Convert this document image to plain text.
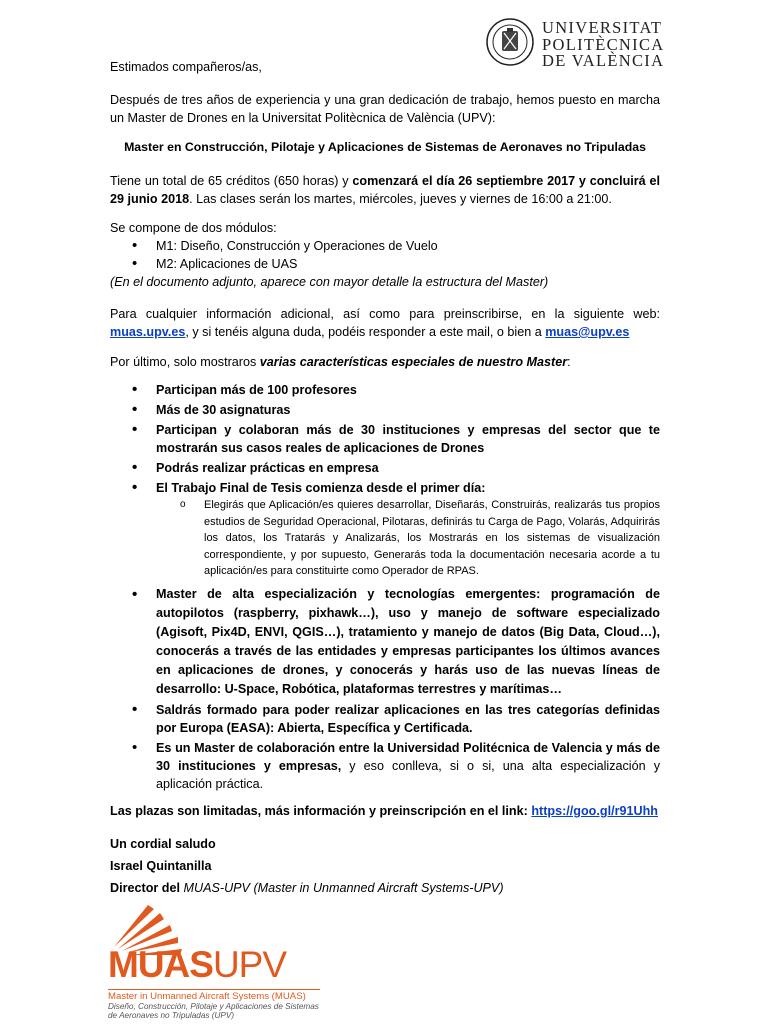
UNIVERSITAT
POLITÈCNICA
DE VALÈNCIA
Estimados compañeros/as,
Después de tres años de experiencia y una gran dedicación de trabajo, hemos puesto en marcha un Master de Drones en la Universitat Politècnica de València (UPV):
Master en Construcción, Pilotaje y Aplicaciones de Sistemas de Aeronaves no Tripuladas
Tiene un total de 65 créditos (650 horas) y comenzará el día 26 septiembre 2017 y concluirá el 29 junio 2018. Las clases serán los martes, miércoles, jueves y viernes de 16:00 a 21:00.
Se compone de dos módulos:
• M1: Diseño, Construcción y Operaciones de Vuelo
• M2: Aplicaciones de UAS
(En el documento adjunto, aparece con mayor detalle la estructura del Master)
Para cualquier información adicional, así como para preinscribirse, en la siguiente web: muas.upv.es, y si tenéis alguna duda, podéis responder a este mail, o bien a muas@upv.es
Por último, solo mostraros varias características especiales de nuestro Master:
• Participan más de 100 profesores
• Más de 30 asignaturas
• Participan y colaboran más de 30 instituciones y empresas del sector que te mostrarán sus casos reales de aplicaciones de Drones
• Podrás realizar prácticas en empresa
• El Trabajo Final de Tesis comienza desde el primer día:
o Elegirás que Aplicación/es quieres desarrollar, Diseñarás, Construirás, realizarás tus propios estudios de Seguridad Operacional, Pilotaras, definirás tu Carga de Pago, Volarás, Adquirirás los datos, los Tratarás y Analizarás, los Mostrarás en los sistemas de visualización correspondiente, y por supuesto, Generarás toda la documentación necesaria acorde a tu aplicación/es para constituirte como Operador de RPAS.
• Master de alta especialización y tecnologías emergentes: programación de autopilotos (raspberry, pixhawk…), uso y manejo de software especializado (Agisoft, Pix4D, ENVI, QGIS…), tratamiento y manejo de datos (Big Data, Cloud…), conocerás a través de las entidades y empresas participantes los últimos avances en aplicaciones de drones, y conocerás y harás uso de las nuevas líneas de desarrollo: U-Space, Robótica, plataformas terrestres y marítimas…
• Saldrás formado para poder realizar aplicaciones en las tres categorías definidas por Europa (EASA): Abierta, Específica y Certificada.
• Es un Master de colaboración entre la Universidad Politécnica de Valencia y más de 30 instituciones y empresas, y eso conlleva, si o si, una alta especialización y aplicación práctica.
Las plazas son limitadas, más información y preinscripción en el link: https://goo.gl/r91Uhh
Un cordial saludo
Israel Quintanilla
Director del MUAS-UPV (Master in Unmanned Aircraft Systems-UPV)
MUASUPV
Master in Unmanned Aircraft Systems (MUAS)
Diseño, Construcción, Pilotaje y Aplicaciones de Sistemas de Aeronaves no Tripuladas (UPV)
